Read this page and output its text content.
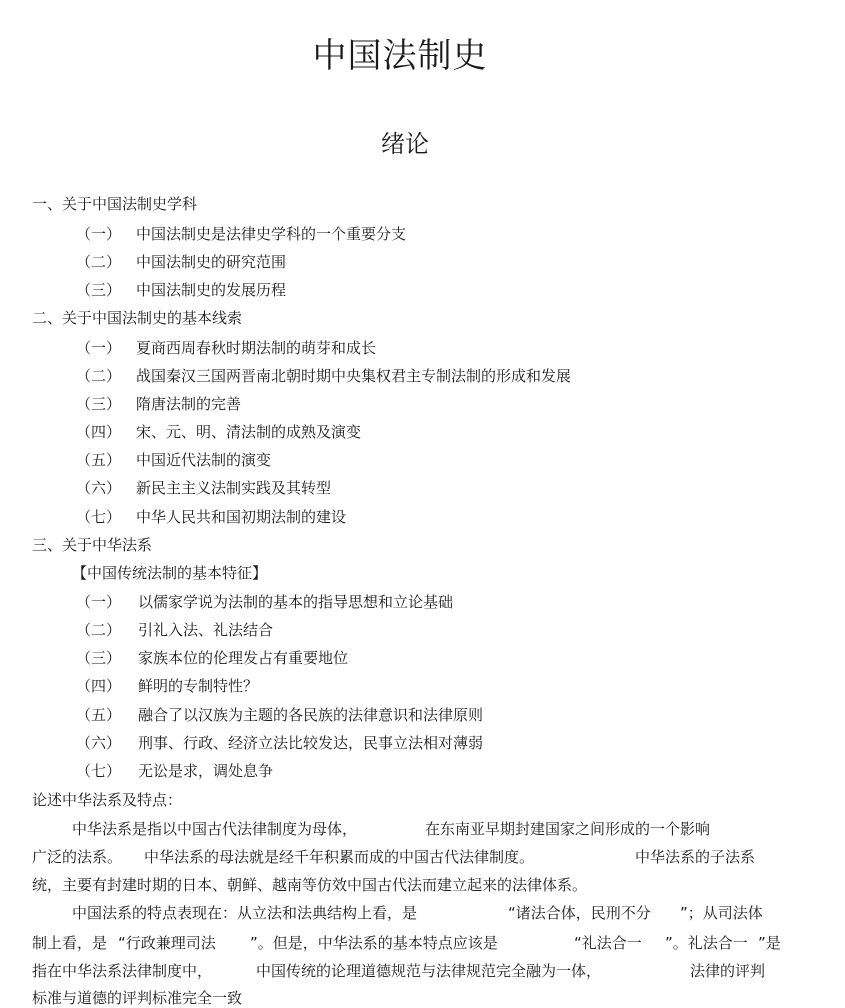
中国法制史
绪论
一、关于中国法制史学科
（一） 中国法制史是法律史学科的一个重要分支
（二） 中国法制史的研究范围
（三） 中国法制史的发展历程
二、关于中国法制史的基本线索
（一） 夏商西周春秋时期法制的萌芽和成长
（二） 战国秦汉三国两晋南北朝时期中央集权君主专制法制的形成和发展
（三） 隋唐法制的完善
（四） 宋、元、明、清法制的成熟及演变
（五） 中国近代法制的演变
（六） 新民主主义法制实践及其转型
（七） 中华人民共和国初期法制的建设
三、关于中华法系
【中国传统法制的基本特征】
（一） 以儒家学说为法制的基本的指导思想和立论基础
（二） 引礼入法、礼法结合
（三） 家族本位的伦理发占有重要地位
（四） 鲜明的专制特性？
（五） 融合了以汉族为主题的各民族的法律意识和法律原则
（六） 刑事、行政、经济立法比较发达，民事立法相对薄弱
（七） 无讼是求，调处息争
论述中华法系及特点：
中华法系是指以中国古代法律制度为母体，	在东南亚早期封建国家之间形成的一个影响
广泛的法系。 中华法系的母法就是经千年积累而成的中国古代法律制度。	中华法系的子法系
统，主要有封建时期的日本、朝鲜、越南等仿效中国古代法而建立起来的法律体系。
中国法系的特点表现在：从立法和法典结构上看，是	“诸法合体，民刑不分 ”；从司法体
制上看，是 “行政兼理司法 ”。但是，中华法系的基本特点应该是	“礼法合一 ”。礼法合一 ”是
指在中华法系法律制度中，	中国传统的论理道德规范与法律规范完全融为一体，	法律的评判
标准与道德的评判标准完全一致
